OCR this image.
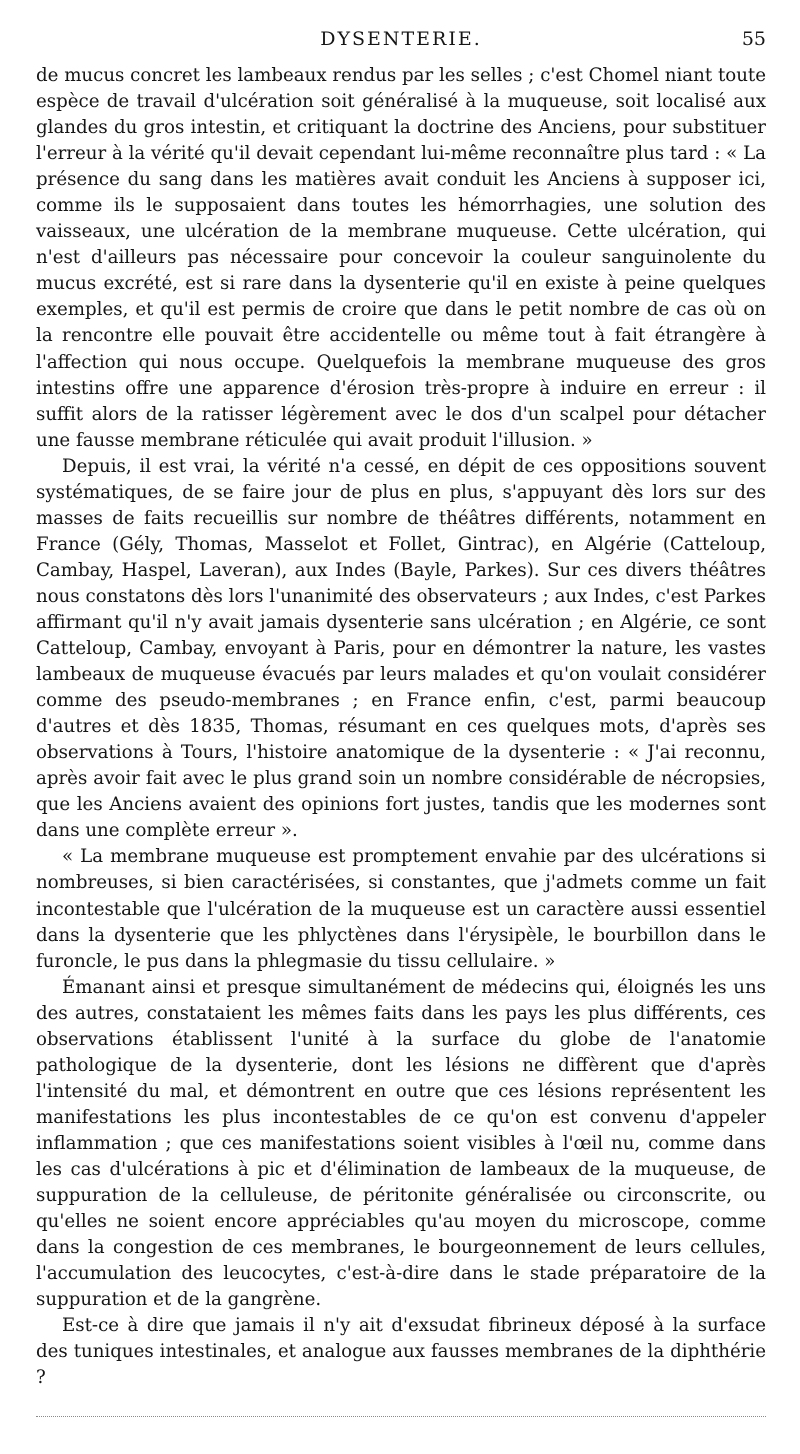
DYSENTERIE.	55

de mucus concret les lambeaux rendus par les selles ; c'est Chomel niant toute espèce de travail d'ulcération soit généralisé à la muqueuse, soit localisé aux glandes du gros intestin, et critiquant la doctrine des Anciens, pour substituer l'erreur à la vérité qu'il devait cependant lui-même reconnaître plus tard : « La présence du sang dans les matières avait conduit les Anciens à supposer ici, comme ils le supposaient dans toutes les hémorrhagies, une solution des vaisseaux, une ulcération de la membrane muqueuse. Cette ulcération, qui n'est d'ailleurs pas nécessaire pour concevoir la couleur sanguinolente du mucus excrété, est si rare dans la dysenterie qu'il en existe à peine quelques exemples, et qu'il est permis de croire que dans le petit nombre de cas où on la rencontre elle pouvait être accidentelle ou même tout à fait étrangère à l'affection qui nous occupe. Quelquefois la membrane muqueuse des gros intestins offre une apparence d'érosion très-propre à induire en erreur : il suffit alors de la ratisser légèrement avec le dos d'un scalpel pour détacher une fausse membrane réticulée qui avait produit l'illusion. »

Depuis, il est vrai, la vérité n'a cessé, en dépit de ces oppositions souvent systématiques, de se faire jour de plus en plus, s'appuyant dès lors sur des masses de faits recueillis sur nombre de théâtres différents, notamment en France (Gély, Thomas, Masselot et Follet, Gintrac), en Algérie (Catteloup, Cambay, Haspel, Laveran), aux Indes (Bayle, Parkes). Sur ces divers théâtres nous constatons dès lors l'unanimité des observateurs ; aux Indes, c'est Parkes affirmant qu'il n'y avait jamais dysenterie sans ulcération ; en Algérie, ce sont Catteloup, Cambay, envoyant à Paris, pour en démontrer la nature, les vastes lambeaux de muqueuse évacués par leurs malades et qu'on voulait considérer comme des pseudo-membranes ; en France enfin, c'est, parmi beaucoup d'autres et dès 1835, Thomas, résumant en ces quelques mots, d'après ses observations à Tours, l'histoire anatomique de la dysenterie : « J'ai reconnu, après avoir fait avec le plus grand soin un nombre considérable de nécropsies, que les Anciens avaient des opinions fort justes, tandis que les modernes sont dans une complète erreur ».

« La membrane muqueuse est promptement envahie par des ulcérations si nombreuses, si bien caractérisées, si constantes, que j'admets comme un fait incontestable que l'ulcération de la muqueuse est un caractère aussi essentiel dans la dysenterie que les phlyctènes dans l'érysipèle, le bourbillon dans le furoncle, le pus dans la phlegmasie du tissu cellulaire. »

Émanant ainsi et presque simultanément de médecins qui, éloignés les uns des autres, constataient les mêmes faits dans les pays les plus différents, ces observations établissent l'unité à la surface du globe de l'anatomie pathologique de la dysenterie, dont les lésions ne diffèrent que d'après l'intensité du mal, et démontrent en outre que ces lésions représentent les manifestations les plus incontestables de ce qu'on est convenu d'appeler inflammation ; que ces manifestations soient visibles à l'œil nu, comme dans les cas d'ulcérations à pic et d'élimination de lambeaux de la muqueuse, de suppuration de la celluleuse, de péritonite généralisée ou circonscrite, ou qu'elles ne soient encore appréciables qu'au moyen du microscope, comme dans la congestion de ces membranes, le bourgeonnement de leurs cellules, l'accumulation des leucocytes, c'est-à-dire dans le stade préparatoire de la suppuration et de la gangrène.

Est-ce à dire que jamais il n'y ait d'exsudat fibrineux déposé à la surface des tuniques intestinales, et analogue aux fausses membranes de la diphthérie ?
